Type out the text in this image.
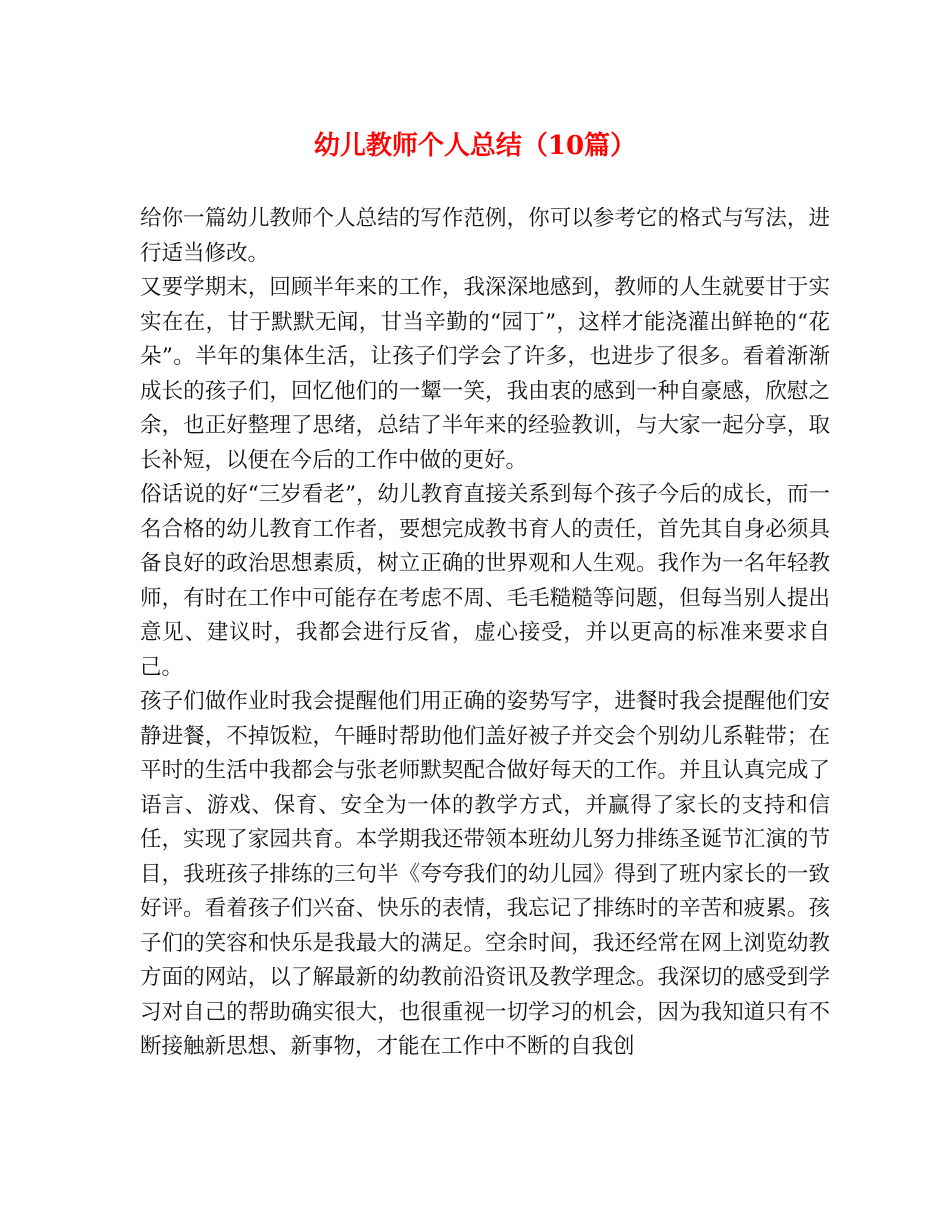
幼儿教师个人总结（10篇）

给你一篇幼儿教师个人总结的写作范例，你可以参考它的格式与写法，进行适当修改。

又要学期末，回顾半年来的工作，我深深地感到，教师的人生就要甘于实实在在，甘于默默无闻，甘当辛勤的“园丁”，这样才能浇灌出鲜艳的“花朵”。半年的集体生活，让孩子们学会了许多，也进步了很多。看着渐渐成长的孩子们，回忆他们的一颦一笑，我由衷的感到一种自豪感，欣慰之余，也正好整理了思绪，总结了半年来的经验教训，与大家一起分享，取长补短，以便在今后的工作中做的更好。

俗话说的好“三岁看老”，幼儿教育直接关系到每个孩子今后的成长，而一名合格的幼儿教育工作者，要想完成教书育人的责任，首先其自身必须具备良好的政治思想素质，树立正确的世界观和人生观。我作为一名年轻教师，有时在工作中可能存在考虑不周、毛毛糙糙等问题，但每当别人提出意见、建议时，我都会进行反省，虚心接受，并以更高的标准来要求自己。

孩子们做作业时我会提醒他们用正确的姿势写字，进餐时我会提醒他们安静进餐，不掉饭粒，午睡时帮助他们盖好被子并交会个别幼儿系鞋带；在平时的生活中我都会与张老师默契配合做好每天的工作。并且认真完成了语言、游戏、保育、安全为一体的教学方式，并赢得了家长的支持和信任，实现了家园共育。本学期我还带领本班幼儿努力排练圣诞节汇演的节目，我班孩子排练的三句半《夸夸我们的幼儿园》得到了班内家长的一致好评。看着孩子们兴奋、快乐的表情，我忘记了排练时的辛苦和疲累。孩子们的笑容和快乐是我最大的满足。空余时间，我还经常在网上浏览幼教方面的网站，以了解最新的幼教前沿资讯及教学理念。我深切的感受到学习对自己的帮助确实很大，也很重视一切学习的机会，因为我知道只有不断接触新思想、新事物，才能在工作中不断的自我创
